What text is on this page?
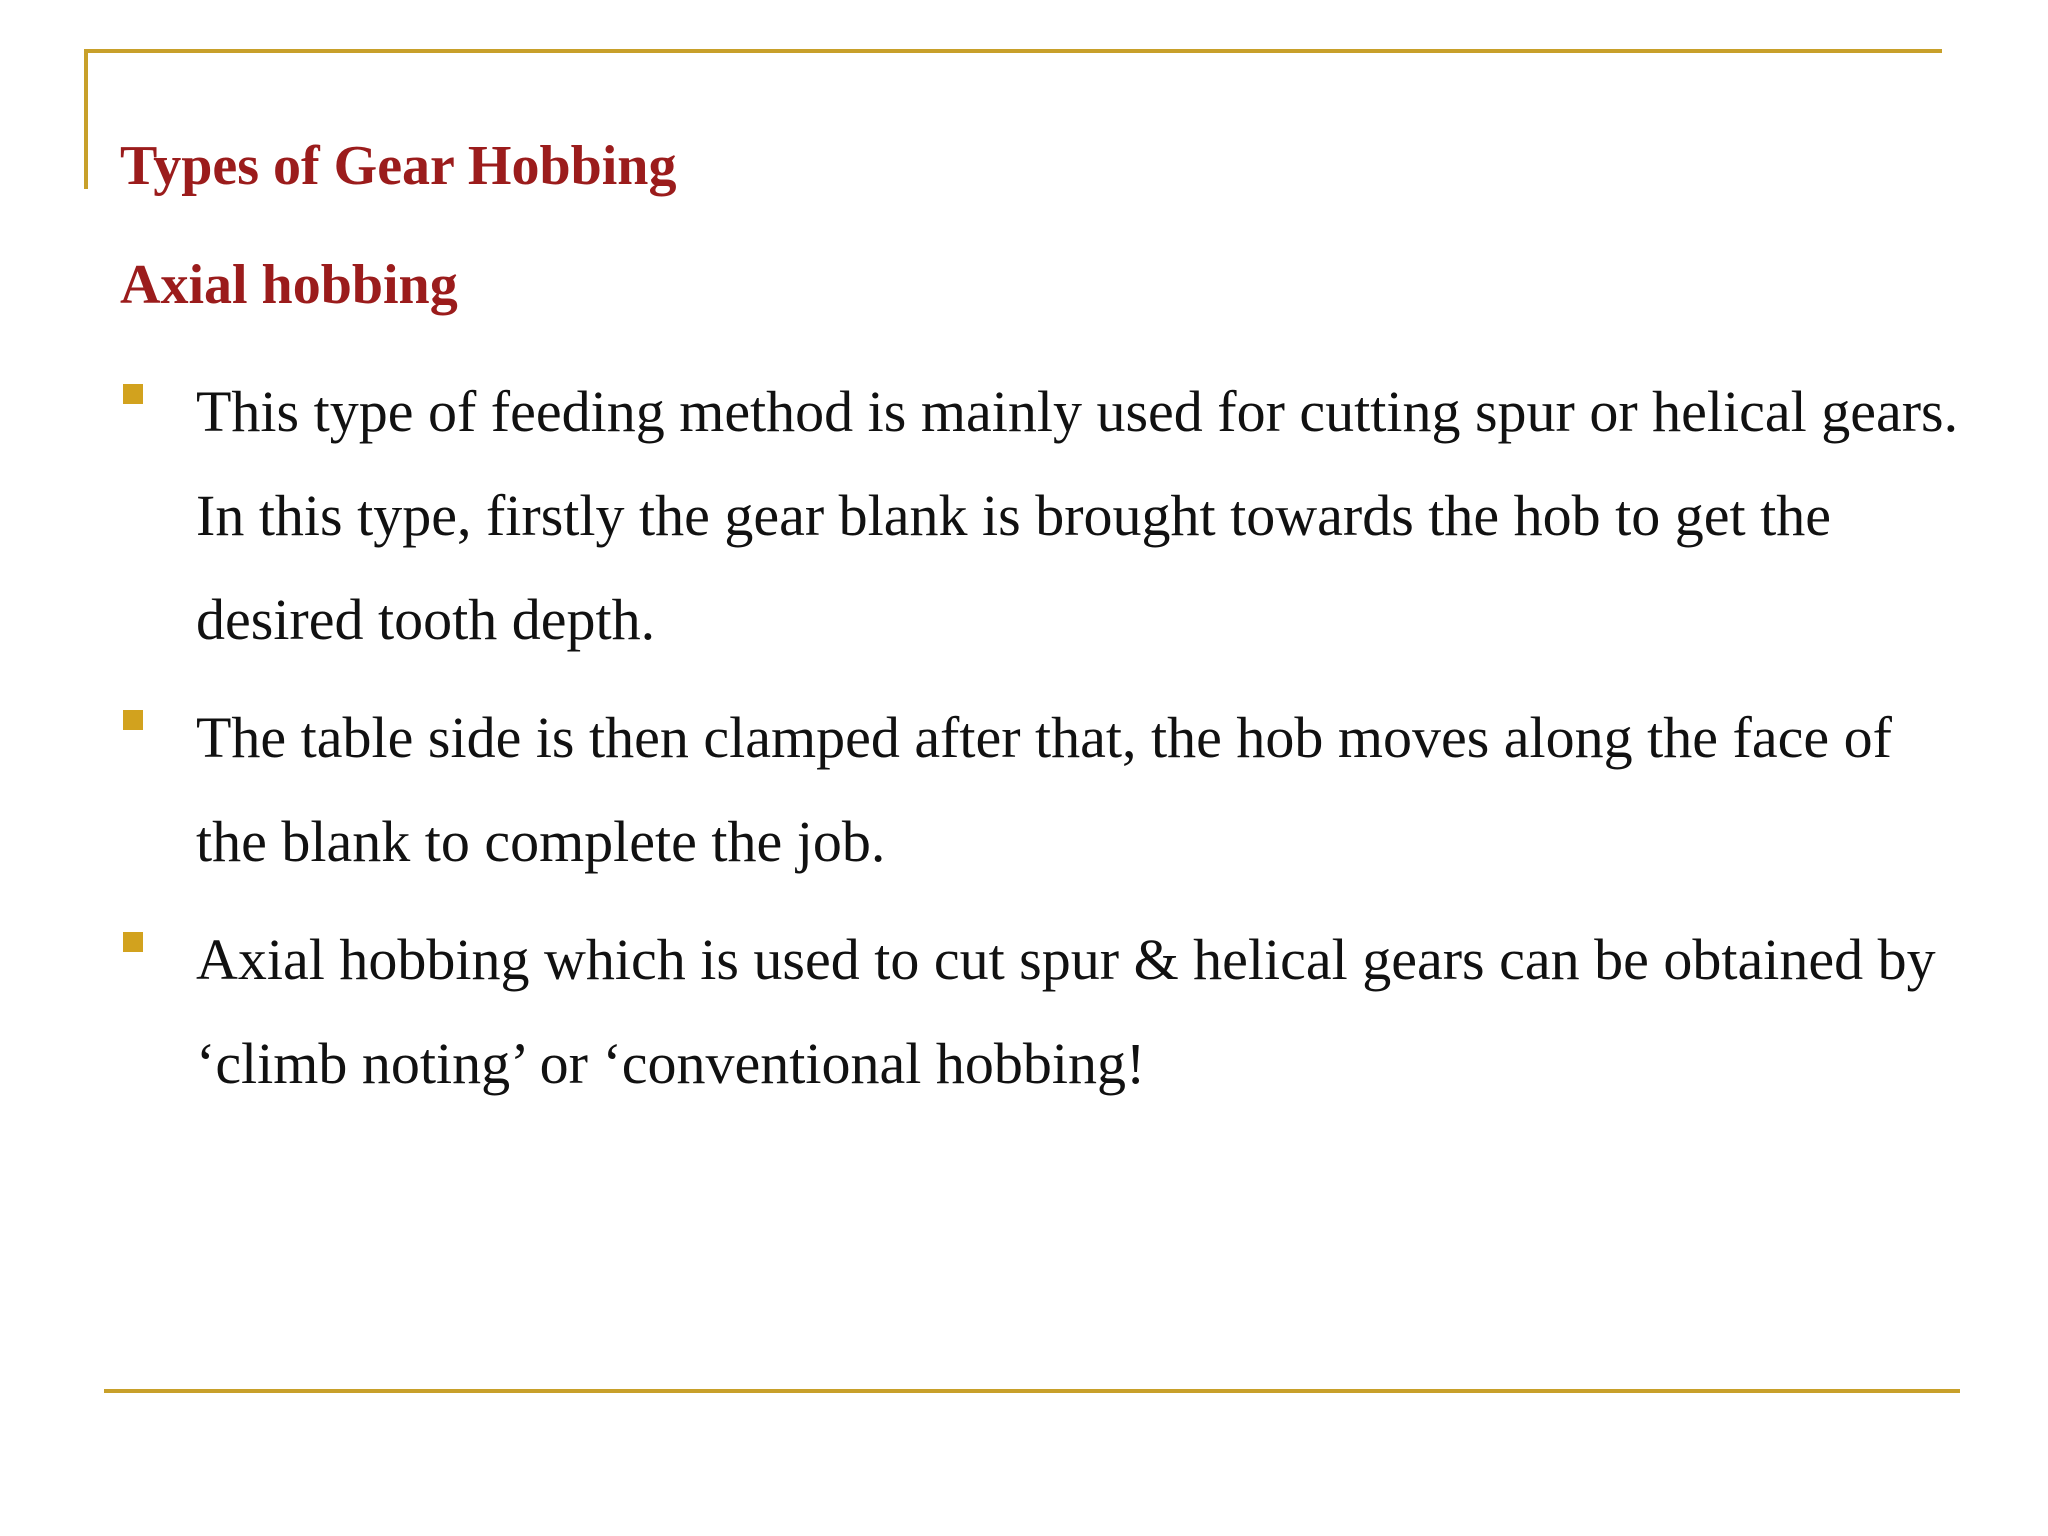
Types of Gear Hobbing
Axial hobbing
This type of feeding method is mainly used for cutting spur or helical gears. In this type, firstly the gear blank is brought towards the hob to get the desired tooth depth.
The table side is then clamped after that, the hob moves along the face of the blank to complete the job.
Axial hobbing which is used to cut spur & helical gears can be obtained by ‘climb noting’ or ‘conventional hobbing!
